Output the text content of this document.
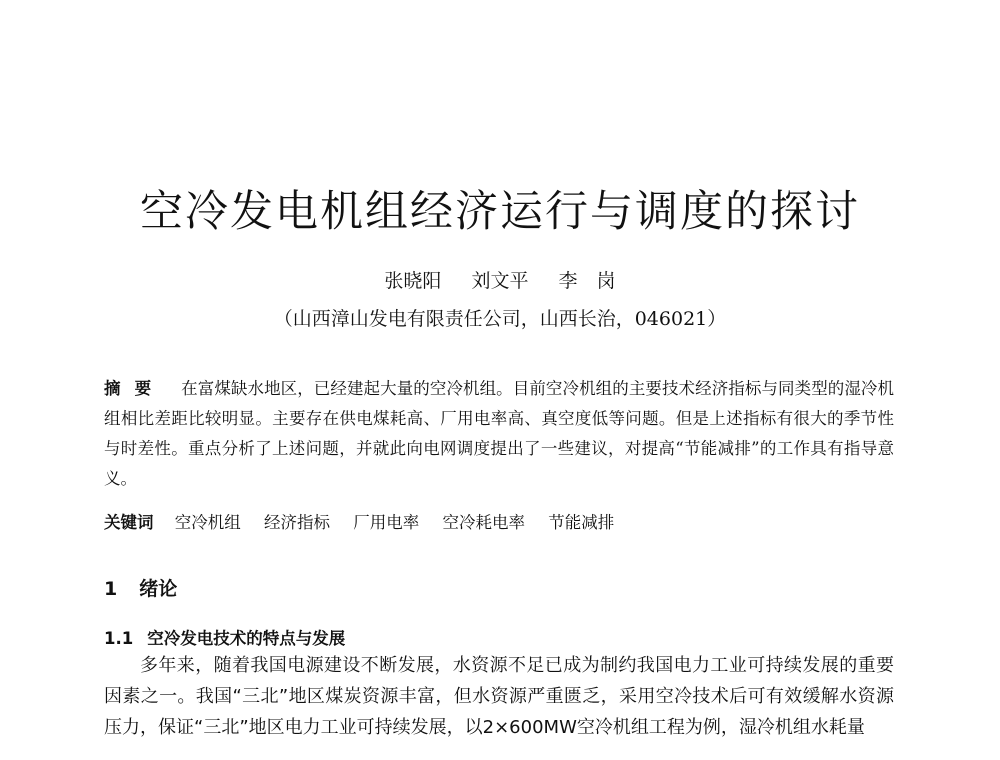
空冷发电机组经济运行与调度的探讨
张晓阳 刘文平 李　岗
（山西漳山发电有限责任公司，山西长治，046021）
摘要 在富煤缺水地区，已经建起大量的空冷机组。目前空冷机组的主要技术经济指标与同类型的湿冷机组相比差距比较明显。主要存在供电煤耗高、厂用电率高、真空度低等问题。但是上述指标有很大的季节性与时差性。重点分析了上述问题，并就此向电网调度提出了一些建议，对提高“节能减排”的工作具有指导意义。
关键词 空冷机组 经济指标 厂用电率 空冷耗电率 节能减排
1 绪论
1.1 空冷发电技术的特点与发展
多年来，随着我国电源建设不断发展，水资源不足已成为制约我国电力工业可持续发展的重要因素之一。我国“三北”地区煤炭资源丰富，但水资源严重匮乏，采用空冷技术后可有效缓解水资源压力，保证“三北”地区电力工业可持续发展，以2×600MW空冷机组工程为例，湿冷机组水耗量
